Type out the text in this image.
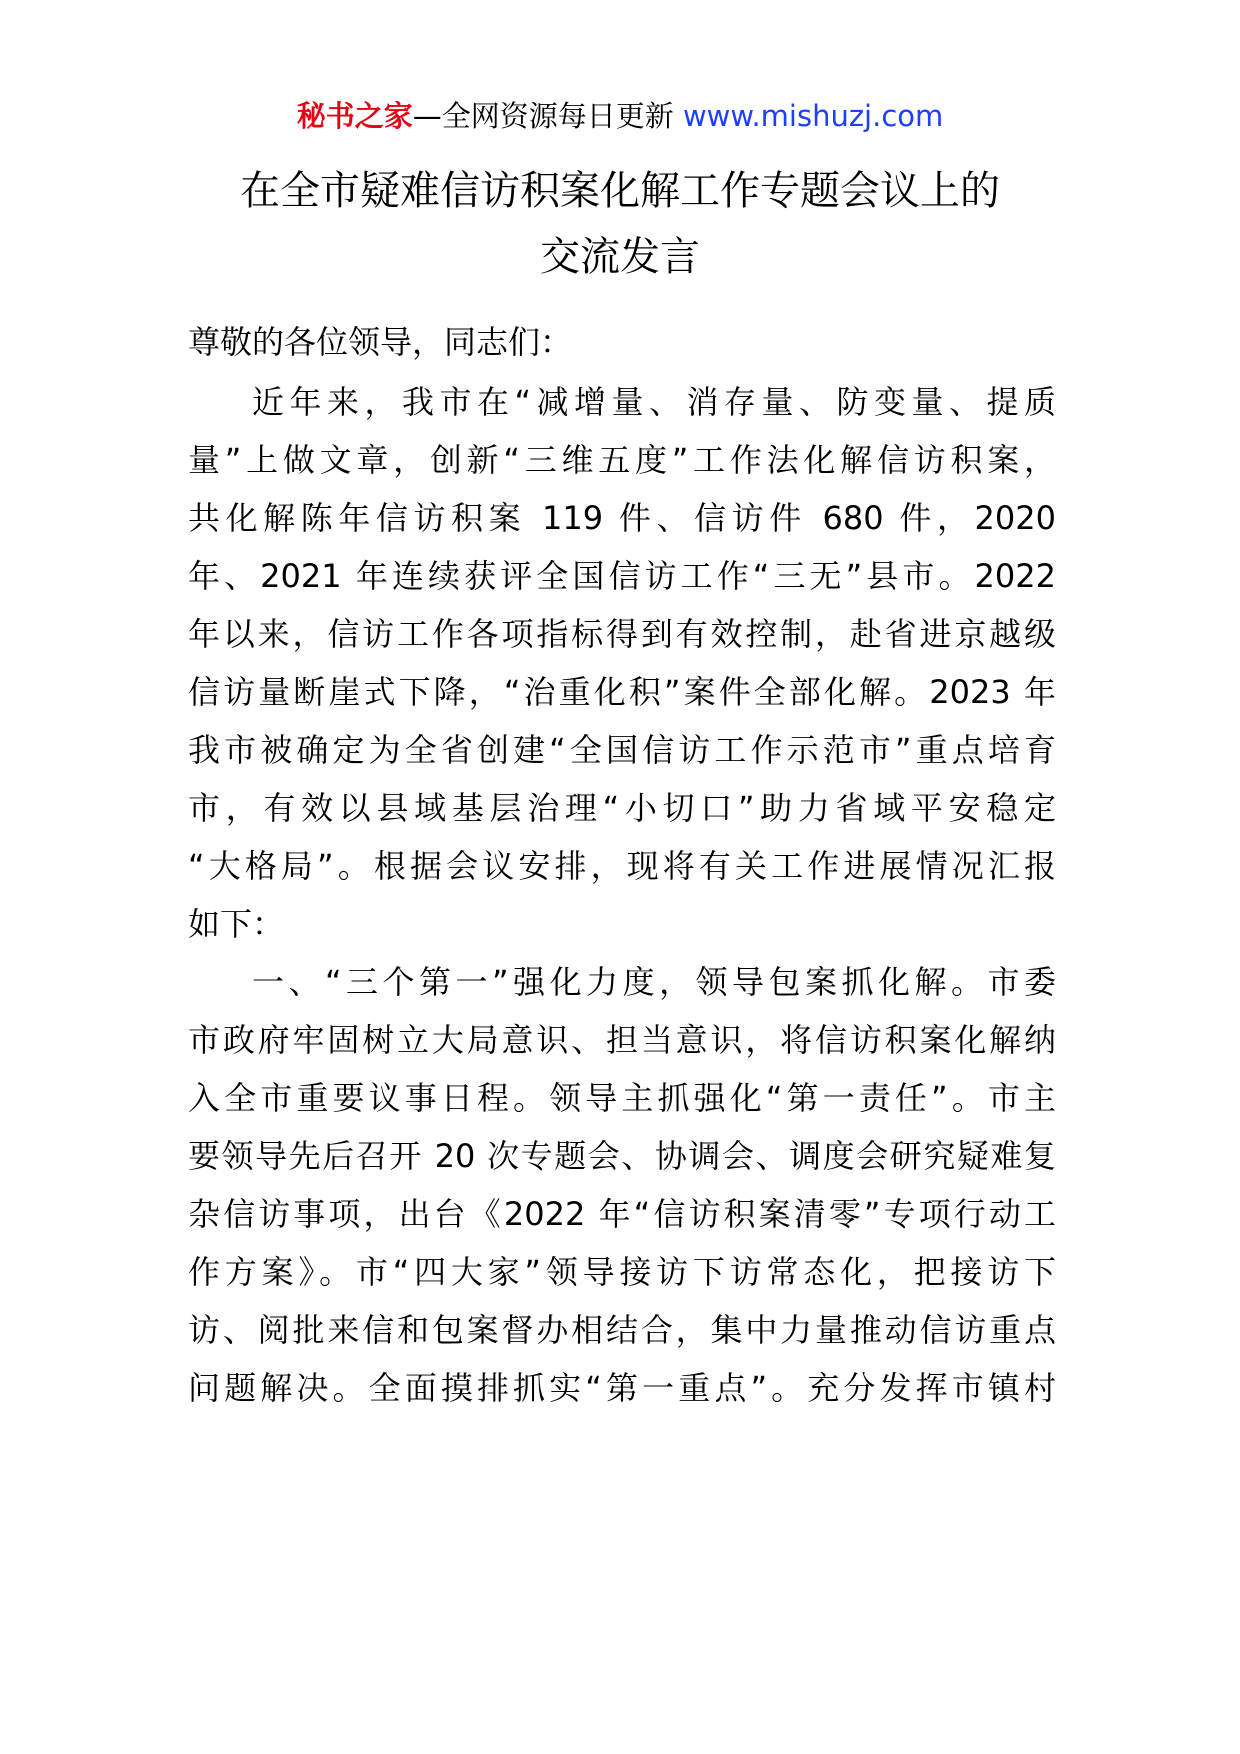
秘书之家—全网资源每日更新 www.mishuzj.com
在全市疑难信访积案化解工作专题会议上的
交流发言
尊敬的各位领导，同志们：
近年来，我市在“减增量、消存量、防变量、提质
量”上做文章，创新“三维五度”工作法化解信访积案，
共化解陈年信访积案 119 件、信访件 680 件，2020
年、2021 年连续获评全国信访工作“三无”县市。2022
年以来，信访工作各项指标得到有效控制，赴省进京越级
信访量断崖式下降，“治重化积”案件全部化解。2023 年
我市被确定为全省创建“全国信访工作示范市”重点培育
市，有效以县域基层治理“小切口”助力省域平安稳定
“大格局”。根据会议安排，现将有关工作进展情况汇报
如下：
一、“三个第一”强化力度，领导包案抓化解。市委
市政府牢固树立大局意识、担当意识，将信访积案化解纳
入全市重要议事日程。领导主抓强化“第一责任”。市主
要领导先后召开 20 次专题会、协调会、调度会研究疑难复
杂信访事项，出台《2022 年“信访积案清零”专项行动工
作方案》。市“四大家”领导接访下访常态化，把接访下
访、阅批来信和包案督办相结合，集中力量推动信访重点
问题解决。全面摸排抓实“第一重点”。充分发挥市镇村
